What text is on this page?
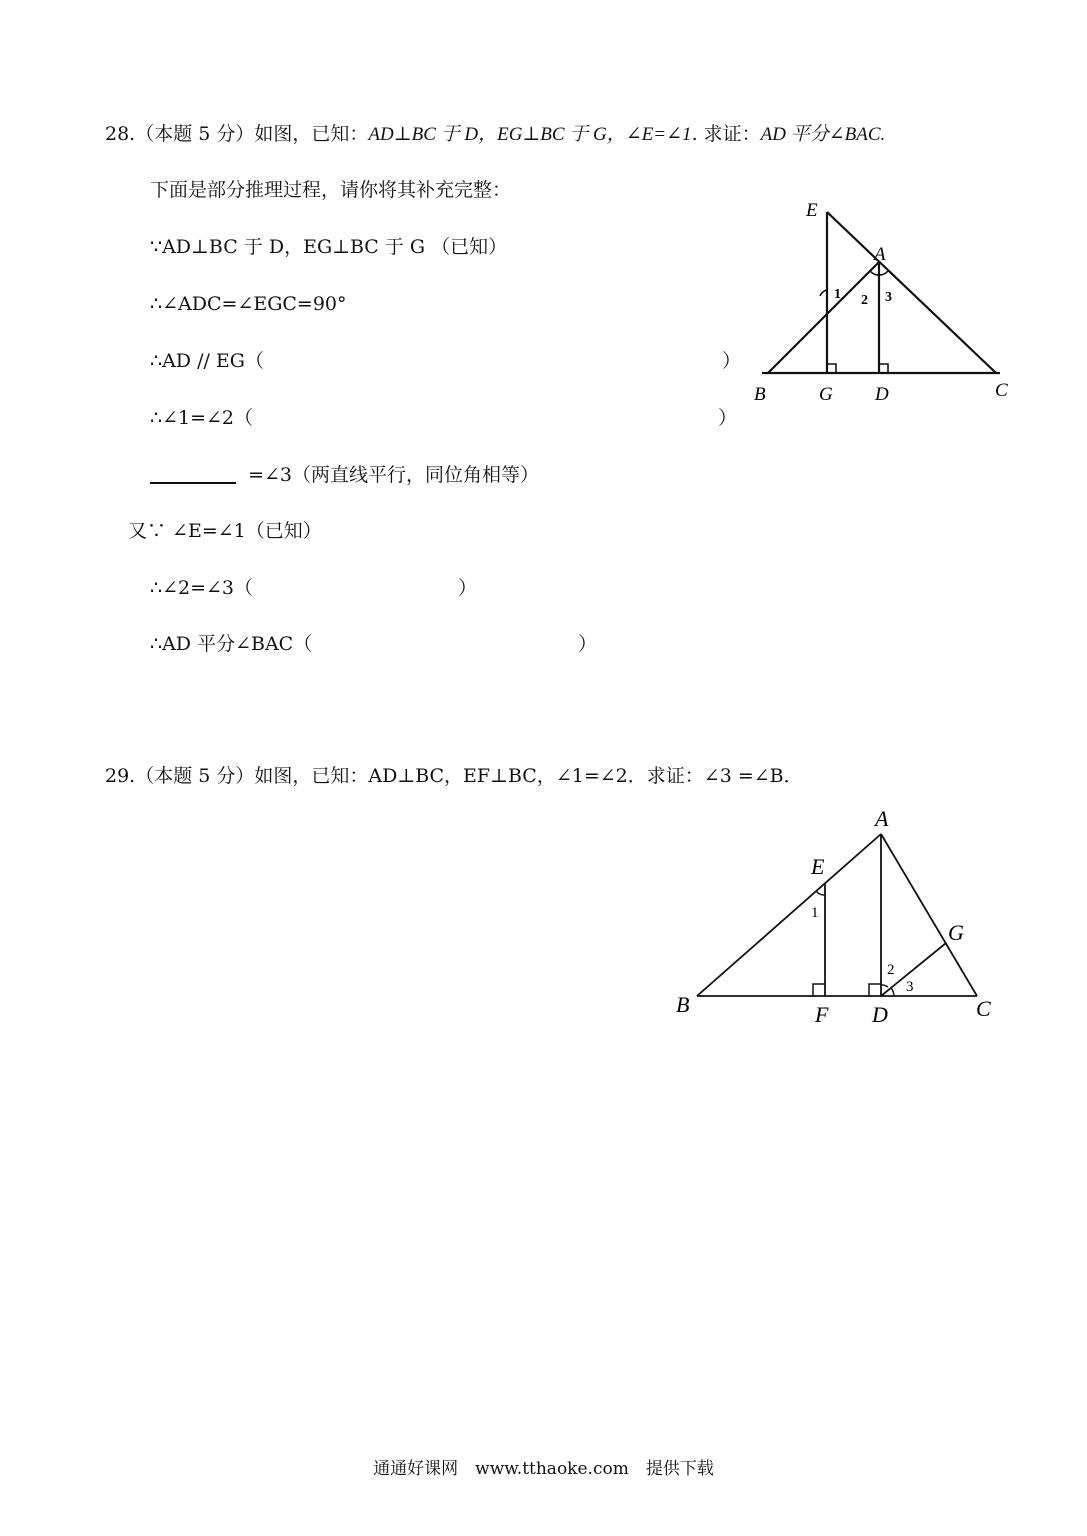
28.（本题 5 分）如图，已知：AD⊥BC 于 D，EG⊥BC 于 G，∠E=∠1. 求证：AD 平分∠BAC.
下面是部分推理过程，请你将其补充完整：
∵AD⊥BC 于 D，EG⊥BC 于 G （已知）
∴∠ADC=∠EGC=90°
∴AD // EG（	）
∴∠1=∠2（	）
=∠3（两直线平行，同位角相等）
又∵ ∠E=∠1（已知）
∴∠2=∠3（	）
∴AD 平分∠BAC（	）
E
A
B	G D	C
1 2 3
29.（本题 5 分）如图，已知：AD⊥BC，EF⊥BC，∠1=∠2．求证：∠3 =∠B．
A
E
G
B	F D	C
1
2
3
通通好课网　www.tthaoke.com　提供下载
